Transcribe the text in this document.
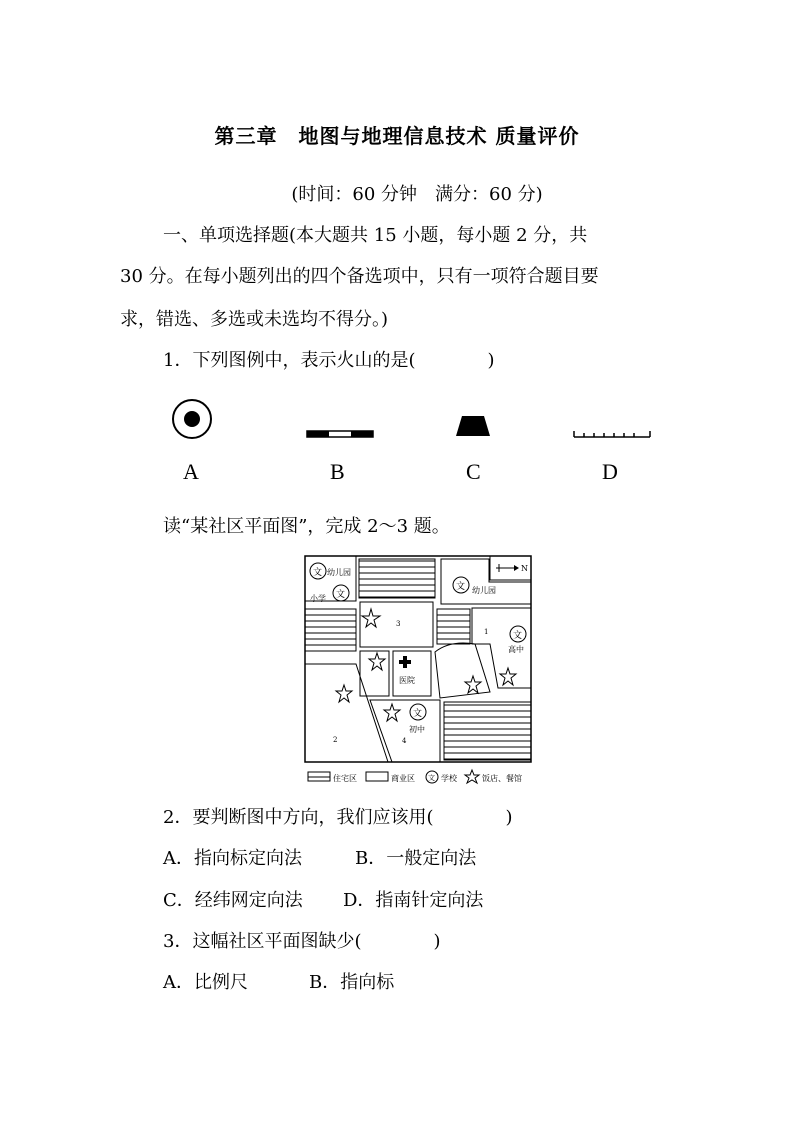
第三章　地图与地理信息技术 质量评价
(时间：60 分钟　满分：60 分)
一、单项选择题(本大题共 15 小题，每小题 2 分，共
30 分。在每小题列出的四个备选项中，只有一项符合题目要
求，错选、多选或未选均不得分。)
1．下列图例中，表示火山的是(　　　　)
A	B	C	D
读“某社区平面图”，完成 2～3 题。
N
文 幼儿园
小学 文
文 幼儿园
3
1	文
高中
医院
2	4
文
初中
住宅区	商业区 文 学校	饭店、餐馆
2．要判断图中方向，我们应该用(　　　　)
A．指向标定向法	B．一般定向法
C．经纬网定向法 D．指南针定向法
3．这幅社区平面图缺少(　　　　)
A．比例尺	B．指向标
